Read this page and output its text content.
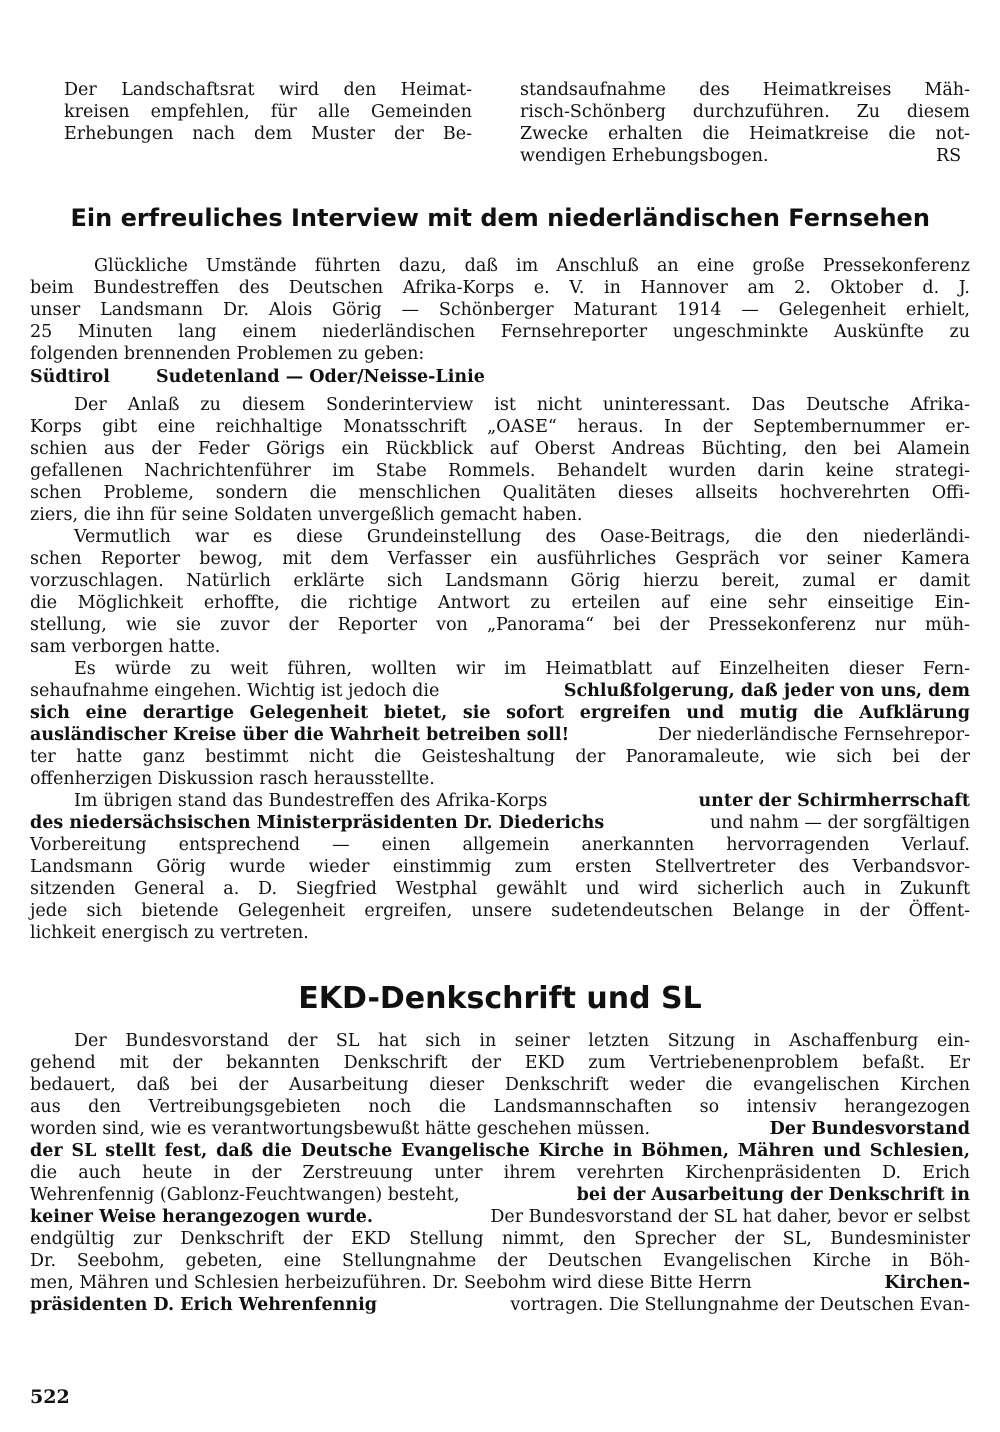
Der Landschaftsrat wird den Heimat-
kreisen empfehlen, für alle Gemeinden
Erhebungen nach dem Muster der Be-
standsaufnahme des Heimatkreises Mäh-
risch-Schönberg durchzuführen. Zu diesem
Zwecke erhalten die Heimatkreise die not-
wendigen Erhebungsbogen.	RS
Ein erfreuliches Interview mit dem niederländischen Fernsehen
Glückliche Umstände führten dazu, daß im Anschluß an eine große Pressekonferenz
beim Bundestreffen des Deutschen Afrika-Korps e. V. in Hannover am 2. Oktober d. J.
unser Landsmann Dr. Alois Görig — Schönberger Maturant 1914 — Gelegenheit erhielt,
25 Minuten lang einem niederländischen Fernsehreporter ungeschminkte Auskünfte zu
folgenden brennenden Problemen zu geben:
Südtirol	Sudetenland — Oder/Neisse-Linie
Der Anlaß zu diesem Sonderinterview ist nicht uninteressant. Das Deutsche Afrika-
Korps gibt eine reichhaltige Monatsschrift „OASE“ heraus. In der Septembernummer er-
schien aus der Feder Görigs ein Rückblick auf Oberst Andreas Büchting, den bei Alamein
gefallenen Nachrichtenführer im Stabe Rommels. Behandelt wurden darin keine strategi-
schen Probleme, sondern die menschlichen Qualitäten dieses allseits hochverehrten Offi-
ziers, die ihn für seine Soldaten unvergeßlich gemacht haben.
Vermutlich war es diese Grundeinstellung des Oase-Beitrags, die den niederländi-
schen Reporter bewog, mit dem Verfasser ein ausführliches Gespräch vor seiner Kamera
vorzuschlagen. Natürlich erklärte sich Landsmann Görig hierzu bereit, zumal er damit
die Möglichkeit erhoffte, die richtige Antwort zu erteilen auf eine sehr einseitige Ein-
stellung, wie sie zuvor der Reporter von „Panorama“ bei der Pressekonferenz nur müh-
sam verborgen hatte.
Es würde zu weit führen, wollten wir im Heimatblatt auf Einzelheiten dieser Fern-
sehaufnahme eingehen. Wichtig ist jedoch die	Schlußfolgerung, daß jeder von uns, dem
sich eine derartige Gelegenheit bietet, sie sofort ergreifen und mutig die Aufklärung
ausländischer Kreise über die Wahrheit betreiben soll!	Der niederländische Fernsehrepor-
ter hatte ganz bestimmt nicht die Geisteshaltung der Panoramaleute, wie sich bei der
offenherzigen Diskussion rasch herausstellte.
Im übrigen stand das Bundestreffen des Afrika-Korps	unter der Schirmherrschaft
des niedersächsischen Ministerpräsidenten Dr. Diederichs	und nahm — der sorgfältigen
Vorbereitung entsprechend — einen allgemein anerkannten hervorragenden Verlauf.
Landsmann Görig wurde wieder einstimmig zum ersten Stellvertreter des Verbandsvor-
sitzenden General a. D. Siegfried Westphal gewählt und wird sicherlich auch in Zukunft
jede sich bietende Gelegenheit ergreifen, unsere sudetendeutschen Belange in der Öffent-
lichkeit energisch zu vertreten.
EKD-Denkschrift und SL
Der Bundesvorstand der SL hat sich in seiner letzten Sitzung in Aschaffenburg ein-
gehend mit der bekannten Denkschrift der EKD zum Vertriebenenproblem befaßt. Er
bedauert, daß bei der Ausarbeitung dieser Denkschrift weder die evangelischen Kirchen
aus den Vertreibungsgebieten noch die Landsmannschaften so intensiv herangezogen
worden sind, wie es verantwortungsbewußt hätte geschehen müssen.	Der Bundesvorstand
der SL stellt fest, daß die Deutsche Evangelische Kirche in Böhmen, Mähren und Schlesien,
die auch heute in der Zerstreuung unter ihrem verehrten Kirchenpräsidenten D. Erich
Wehrenfennig (Gablonz-Feuchtwangen) besteht,	bei der Ausarbeitung der Denkschrift in
keiner Weise herangezogen wurde.	Der Bundesvorstand der SL hat daher, bevor er selbst
endgültig zur Denkschrift der EKD Stellung nimmt, den Sprecher der SL, Bundesminister
Dr. Seebohm, gebeten, eine Stellungnahme der Deutschen Evangelischen Kirche in Böh-
men, Mähren und Schlesien herbeizuführen. Dr. Seebohm wird diese Bitte Herrn	Kirchen-
präsidenten D. Erich Wehrenfennig	vortragen. Die Stellungnahme der Deutschen Evan-
522
